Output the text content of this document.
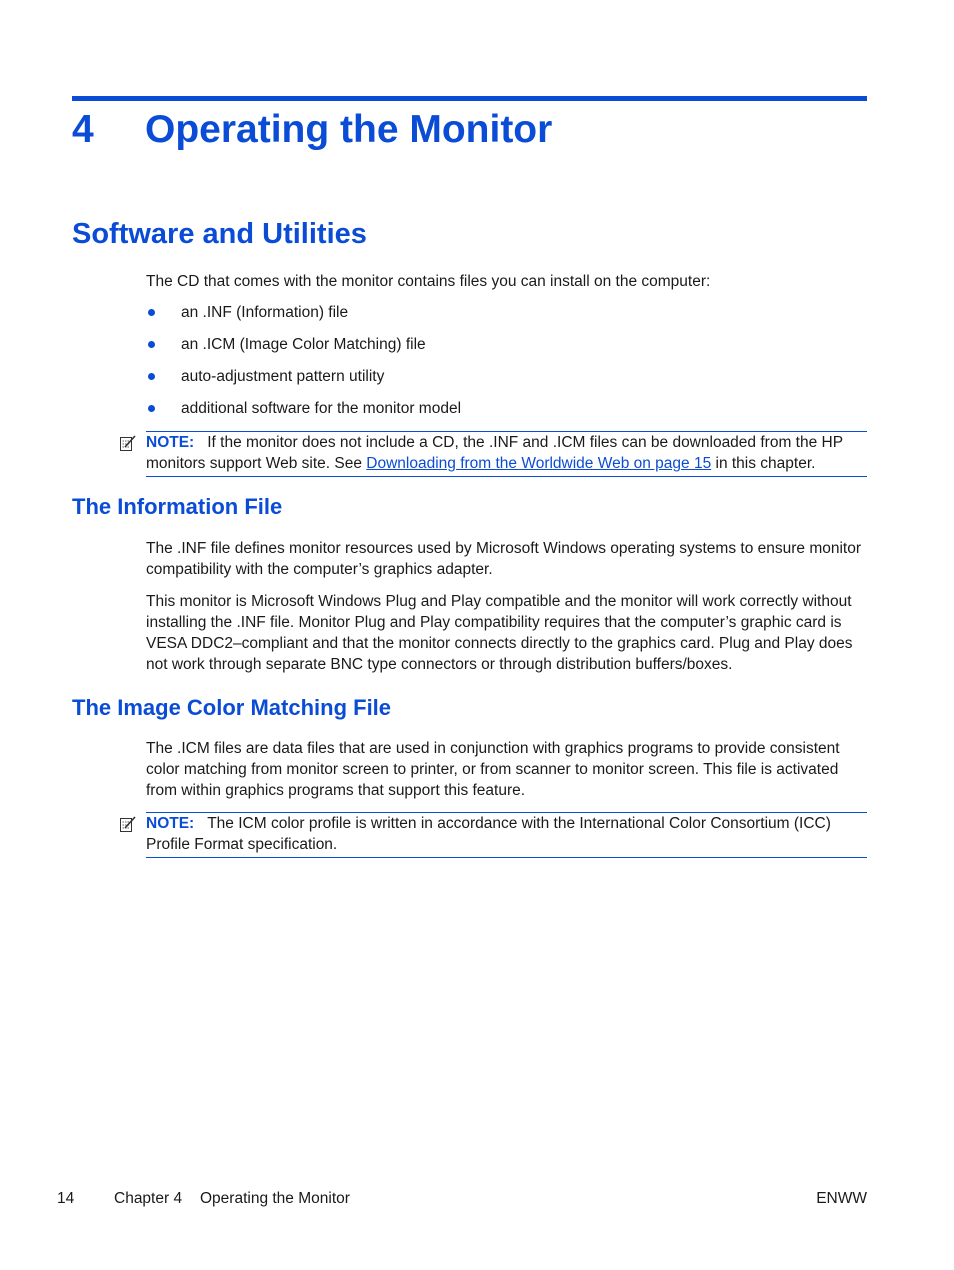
4 Operating the Monitor
Software and Utilities

The CD that comes with the monitor contains files you can install on the computer:

an .INF (Information) file
an .ICM (Image Color Matching) file
auto-adjustment pattern utility
additional software for the monitor model
NOTE: If the monitor does not include a CD, the .INF and .ICM files can be downloaded from the HP monitors support Web site. See Downloading from the Worldwide Web on page 15 in this chapter.
The Information File

The .INF file defines monitor resources used by Microsoft Windows operating systems to ensure monitor compatibility with the computer’s graphics adapter.

This monitor is Microsoft Windows Plug and Play compatible and the monitor will work correctly without installing the .INF file. Monitor Plug and Play compatibility requires that the computer’s graphic card is VESA DDC2–compliant and that the monitor connects directly to the graphics card. Plug and Play does not work through separate BNC type connectors or through distribution buffers/boxes.

The Image Color Matching File

The .ICM files are data files that are used in conjunction with graphics programs to provide consistent color matching from monitor screen to printer, or from scanner to monitor screen. This file is activated from within graphics programs that support this feature.

NOTE: The ICM color profile is written in accordance with the International Color Consortium (ICC) Profile Format specification.
14	Chapter 4 Operating the Monitor	ENWW
